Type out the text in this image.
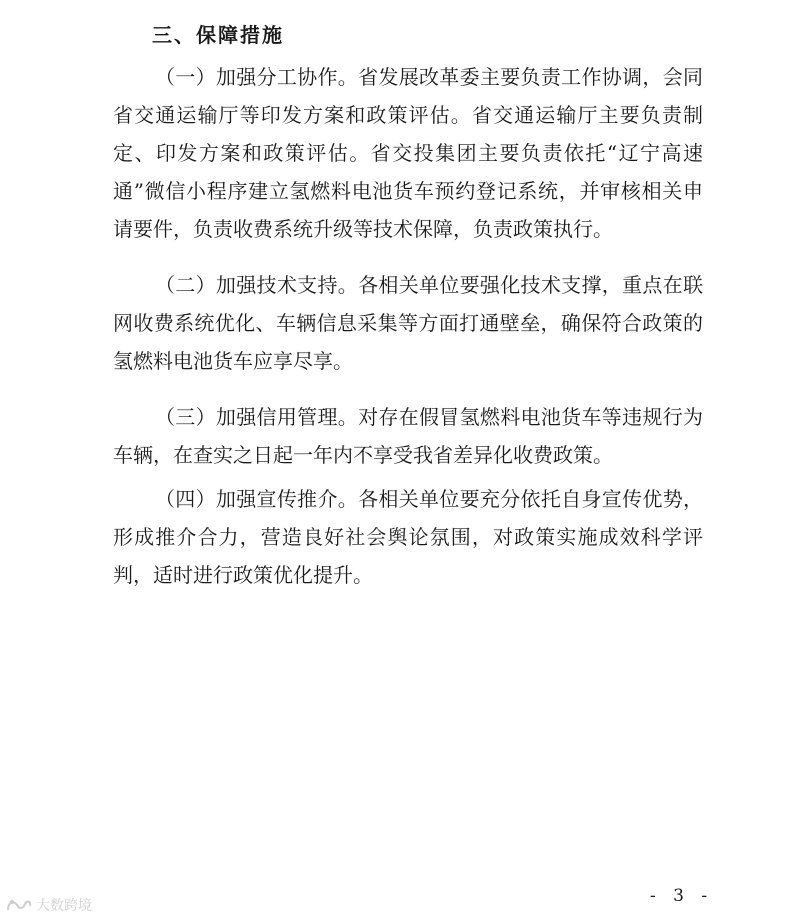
三、保障措施

（一）加强分工协作。省发展改革委主要负责工作协调，会同省交通运输厅等印发方案和政策评估。省交通运输厅主要负责制定、印发方案和政策评估。省交投集团主要负责依托“辽宁高速通”微信小程序建立氢燃料电池货车预约登记系统，并审核相关申请要件，负责收费系统升级等技术保障，负责政策执行。

（二）加强技术支持。各相关单位要强化技术支撑，重点在联网收费系统优化、车辆信息采集等方面打通壁垒，确保符合政策的氢燃料电池货车应享尽享。

（三）加强信用管理。对存在假冒氢燃料电池货车等违规行为车辆，在查实之日起一年内不享受我省差异化收费政策。

（四）加强宣传推介。各相关单位要充分依托自身宣传优势，形成推介合力，营造良好社会舆论氛围，对政策实施成效科学评判，适时进行政策优化提升。

- 3 -
大数跨境
